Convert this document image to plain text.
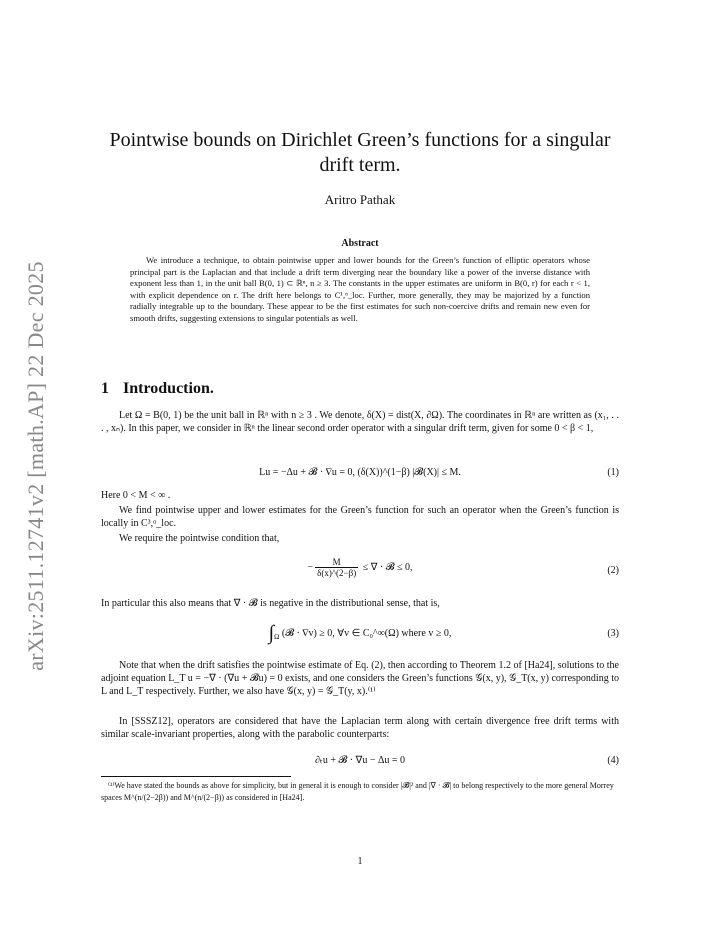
arXiv:2511.12741v2 [math.AP] 22 Dec 2025
Pointwise bounds on Dirichlet Green’s functions for a singular drift term.
Aritro Pathak
Abstract
We introduce a technique, to obtain pointwise upper and lower bounds for the Green’s function of elliptic operators whose principal part is the Laplacian and that include a drift term diverging near the boundary like a power of the inverse distance with exponent less than 1, in the unit ball B(0, 1) ⊂ ℝⁿ, n ≥ 3. The constants in the upper estimates are uniform in B(0, r) for each r < 1, with explicit dependence on r. The drift here belongs to C¹,ᵅ_loc. Further, more generally, they may be majorized by a function radially integrable up to the boundary. These appear to be the first estimates for such non-coercive drifts and remain new even for smooth drifts, suggesting extensions to singular potentials as well.
1 Introduction.
Let Ω = B(0, 1) be the unit ball in ℝⁿ with n ≥ 3 . We denote, δ(X) = dist(X, ∂Ω). The coordinates in ℝⁿ are written as (x₁, . . . , xₙ). In this paper, we consider in ℝⁿ the linear second order operator with a singular drift term, given for some 0 < β < 1,
Lu = −Δu + 𝓑 · ∇u = 0, (δ(X))^(1−β) |𝓑(X)| ≤ M.	(1)
Here 0 < M < ∞ .
We find pointwise upper and lower estimates for the Green’s function for such an operator when the Green’s function is locally in C³,ᵅ_loc.
We require the pointwise condition that,
− $\frac{M}{\delta(x)\^{}(2-\beta)}$ ≤ ∇ · 𝓑 ≤ 0,	(2)
In particular this also means that ∇ · 𝓑 is negative in the distributional sense, that is,
$\int_\Omega$ (𝓑 · ∇v) ≥ 0, ∀v ∈ C₀^∞(Ω) where v ≥ 0,	(3)
Note that when the drift satisfies the pointwise estimate of Eq. (2), then according to Theorem 1.2 of [Ha24], solutions to the adjoint equation L_T u = −∇ · (∇u + 𝓑u) = 0 exists, and one considers the Green’s functions 𝒢(x, y), 𝒢_T(x, y) corresponding to L and L_T respectively. Further, we also have 𝒢(x, y) = 𝒢_T(y, x).⁽¹⁾
In [SSSZ12], operators are considered that have the Laplacian term along with certain divergence free drift terms with similar scale-invariant properties, along with the parabolic counterparts:
∂ₜu + 𝓑 · ∇u − Δu = 0	(4)
⁽¹⁾We have stated the bounds as above for simplicity, but in general it is enough to consider |𝓑|² and |∇ · 𝓑| to belong respectively to the more general Morrey spaces M^(n/(2−2β)) and M^(n/(2−β)) as considered in [Ha24].
1
